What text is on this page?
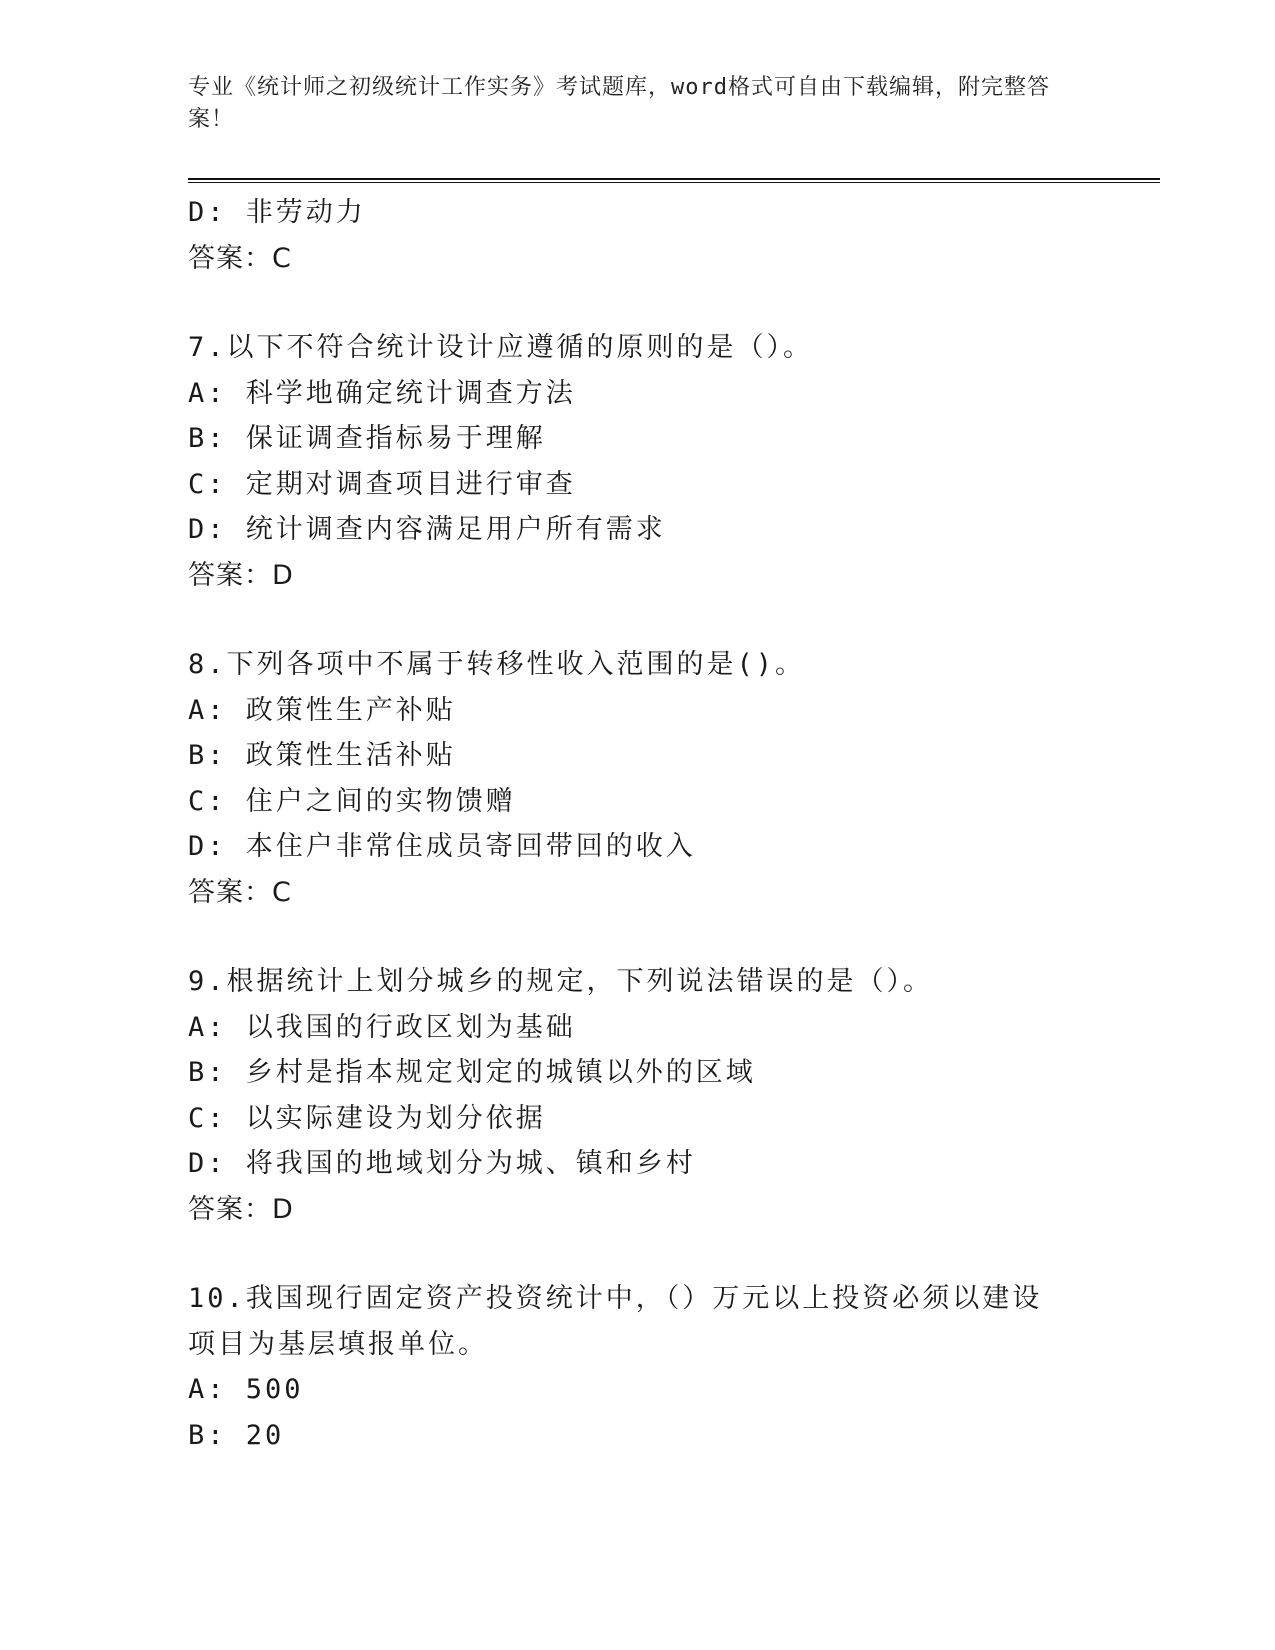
专业《统计师之初级统计工作实务》考试题库，word格式可自由下载编辑，附完整答案！
D: 非劳动力
答案：C
7.以下不符合统计设计应遵循的原则的是（）。
A: 科学地确定统计调查方法
B: 保证调查指标易于理解
C: 定期对调查项目进行审查
D: 统计调查内容满足用户所有需求
答案：D
8.下列各项中不属于转移性收入范围的是()。
A: 政策性生产补贴
B: 政策性生活补贴
C: 住户之间的实物馈赠
D: 本住户非常住成员寄回带回的收入
答案：C
9.根据统计上划分城乡的规定，下列说法错误的是（）。
A: 以我国的行政区划为基础
B: 乡村是指本规定划定的城镇以外的区域
C: 以实际建设为划分依据
D: 将我国的地域划分为城、镇和乡村
答案：D
10.我国现行固定资产投资统计中，（）万元以上投资必须以建设项目为基层填报单位。
A: 500
B: 20
